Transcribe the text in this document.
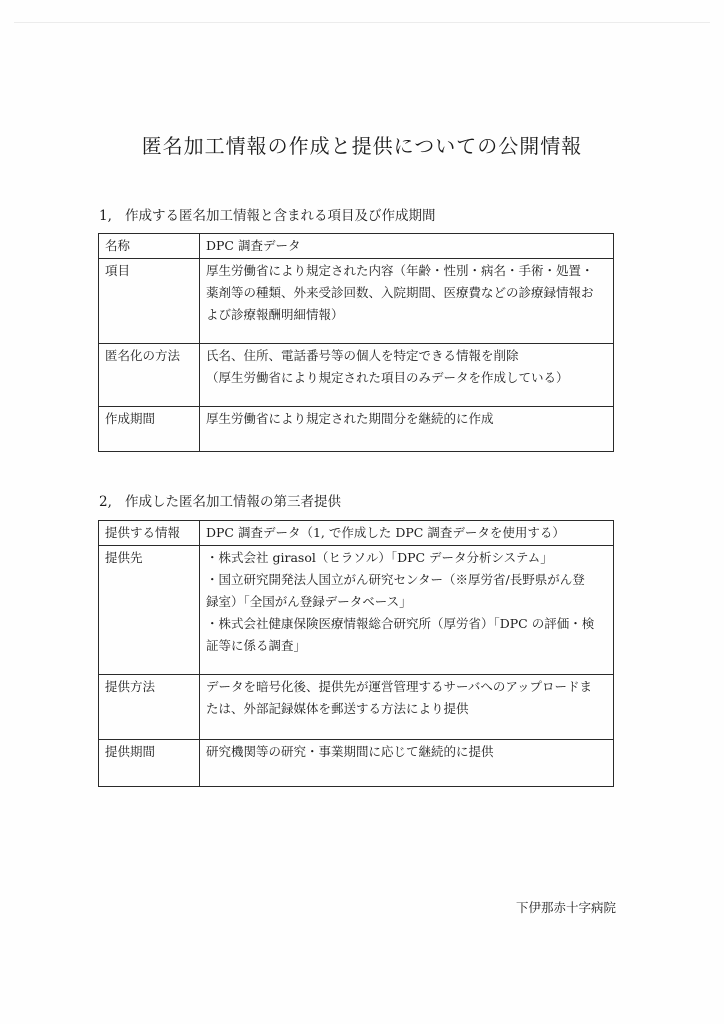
匿名加工情報の作成と提供についての公開情報
1, 作成する匿名加工情報と含まれる項目及び作成期間
名称	DPC 調査データ

項目	厚生労働省により規定された内容（年齢・性別・病名・手術・処置・
薬剤等の種類、外来受診回数、入院期間、医療費などの診療録情報お
よび診療報酬明細情報）

匿名化の方法	氏名、住所、電話番号等の個人を特定できる情報を削除
（厚生労働省により規定された項目のみデータを作成している）

作成期間	厚生労働省により規定された期間分を継続的に作成
2, 作成した匿名加工情報の第三者提供
提供する情報	DPC 調査データ（1, で作成した DPC 調査データを使用する）

提供先	・株式会社 girasol（ヒラソル）「DPC データ分析システム」
・国立研究開発法人国立がん研究センター（※厚労省/長野県がん登
録室）「全国がん登録データベース」
・株式会社健康保険医療情報総合研究所（厚労省）「DPC の評価・検
証等に係る調査」

提供方法	データを暗号化後、提供先が運営管理するサーバへのアップロードま
たは、外部記録媒体を郵送する方法により提供

提供期間	研究機関等の研究・事業期間に応じて継続的に提供
下伊那赤十字病院
